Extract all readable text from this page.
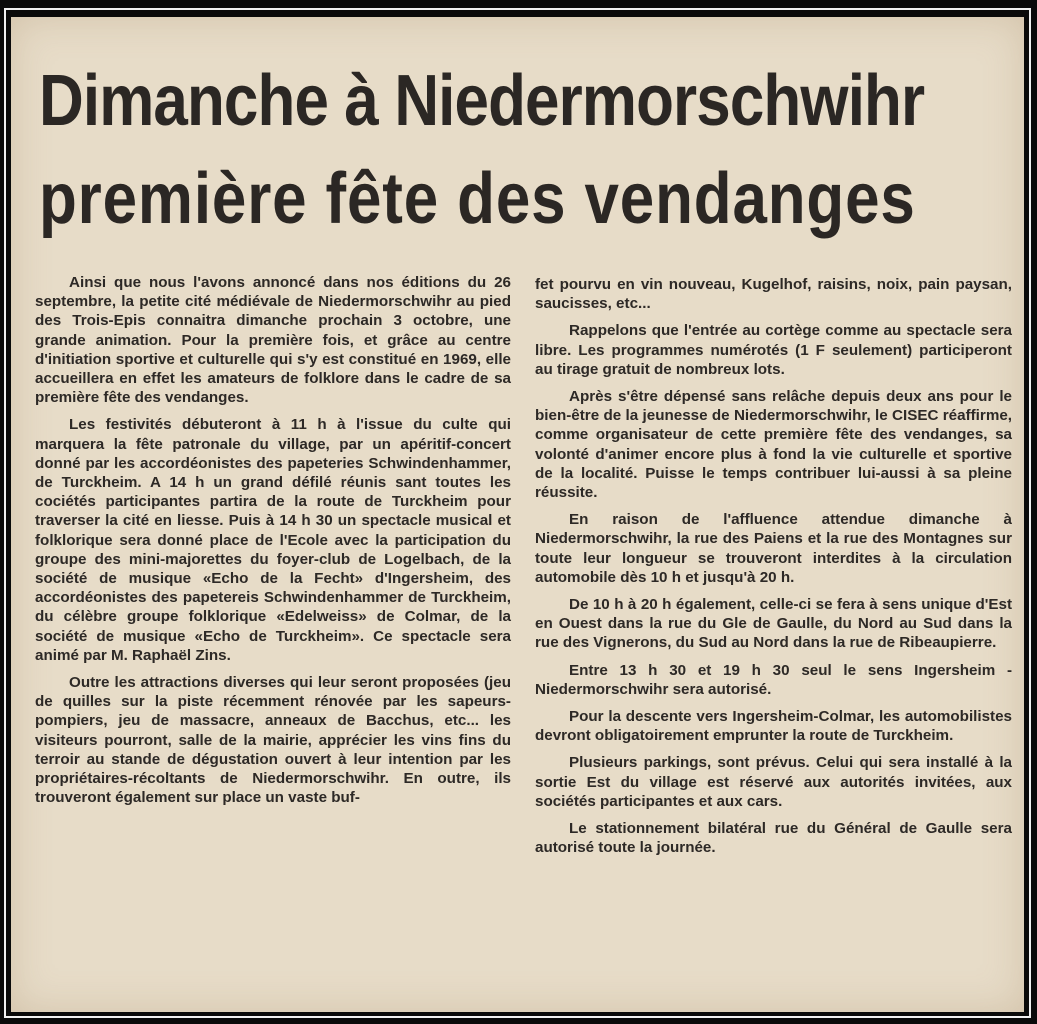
Dimanche à Niedermorschwihr
première fête des vendanges

Ainsi que nous l'avons annoncé dans nos éditions du 26 septembre, la petite cité médiévale de Niedermorschwihr au pied des Trois-Epis connaitra dimanche prochain 3 octobre, une grande animation. Pour la première fois, et grâce au centre d'initiation sportive et culturelle qui s'y est constitué en 1969, elle accueillera en effet les amateurs de folklore dans le cadre de sa première fête des vendanges.

Les festivités débuteront à 11 h à l'issue du culte qui marquera la fête patronale du village, par un apéritif-concert donné par les accordéonistes des papeteries Schwindenhammer, de Turckheim. A 14 h un grand défilé réunis sant toutes les cociétés participantes partira de la route de Turckheim pour traverser la cité en liesse. Puis à 14 h 30 un spectacle musical et folklorique sera donné place de l'Ecole avec la participation du groupe des mini-majorettes du foyer-club de Logelbach, de la société de musique «Echo de la Fecht» d'Ingersheim, des accordéonistes des papetereis Schwindenhammer de Turckheim, du célèbre groupe folklorique «Edelweiss» de Colmar, de la société de musique «Echo de Turckheim». Ce spectacle sera animé par M. Raphaël Zins.

Outre les attractions diverses qui leur seront proposées (jeu de quilles sur la piste récemment rénovée par les sapeurs-pompiers, jeu de massacre, anneaux de Bacchus, etc... les visiteurs pourront, salle de la mairie, apprécier les vins fins du terroir au stande de dégustation ouvert à leur intention par les propriétaires-récoltants de Niedermorschwihr. En outre, ils trouveront également sur place un vaste buf-

fet pourvu en vin nouveau, Kugelhof, raisins, noix, pain paysan, saucisses, etc...

Rappelons que l'entrée au cortège comme au spectacle sera libre. Les programmes numérotés (1 F seulement) participeront au tirage gratuit de nombreux lots.

Après s'être dépensé sans relâche depuis deux ans pour le bien-être de la jeunesse de Niedermorschwihr, le CISEC réaffirme, comme organisateur de cette première fête des vendanges, sa volonté d'animer encore plus à fond la vie culturelle et sportive de la localité. Puisse le temps contribuer lui-aussi à sa pleine réussite.

En raison de l'affluence attendue dimanche à Niedermorschwihr, la rue des Paiens et la rue des Montagnes sur toute leur longueur se trouveront interdites à la circulation automobile dès 10 h et jusqu'à 20 h.

De 10 h à 20 h également, celle-ci se fera à sens unique d'Est en Ouest dans la rue du Gle de Gaulle, du Nord au Sud dans la rue des Vignerons, du Sud au Nord dans la rue de Ribeaupierre.

Entre 13 h 30 et 19 h 30 seul le sens Ingersheim - Niedermorschwihr sera autorisé.

Pour la descente vers Ingersheim-Colmar, les automobilistes devront obligatoirement emprunter la route de Turckheim.

Plusieurs parkings, sont prévus. Celui qui sera installé à la sortie Est du village est réservé aux autorités invitées, aux sociétés participantes et aux cars.

Le stationnement bilatéral rue du Général de Gaulle sera autorisé toute la journée.
